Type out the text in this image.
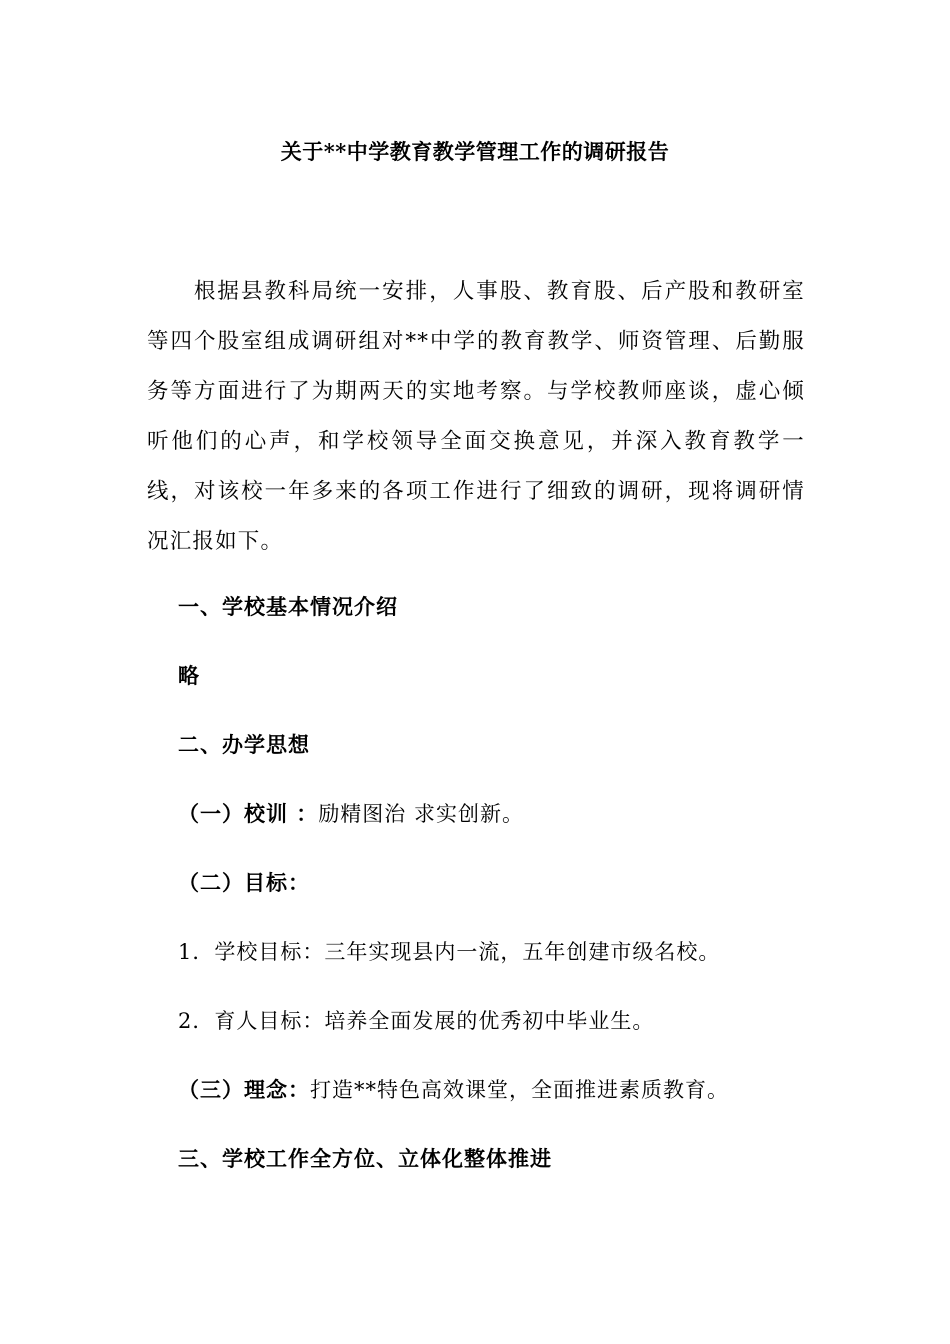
关于**中学教育教学管理工作的调研报告
根据县教科局统一安排，人事股、教育股、后产股和教研室等四个股室组成调研组对**中学的教育教学、师资管理、后勤服务等方面进行了为期两天的实地考察。与学校教师座谈，虚心倾听他们的心声，和学校领导全面交换意见，并深入教育教学一线，对该校一年多来的各项工作进行了细致的调研，现将调研情况汇报如下。
一、学校基本情况介绍
略
二、办学思想
（一）校训 ：励精图治 求实创新。
（二）目标：
1．学校目标：三年实现县内一流，五年创建市级名校。
2．育人目标：培养全面发展的优秀初中毕业生。
（三）理念：打造**特色高效课堂，全面推进素质教育。
三、学校工作全方位、立体化整体推进
